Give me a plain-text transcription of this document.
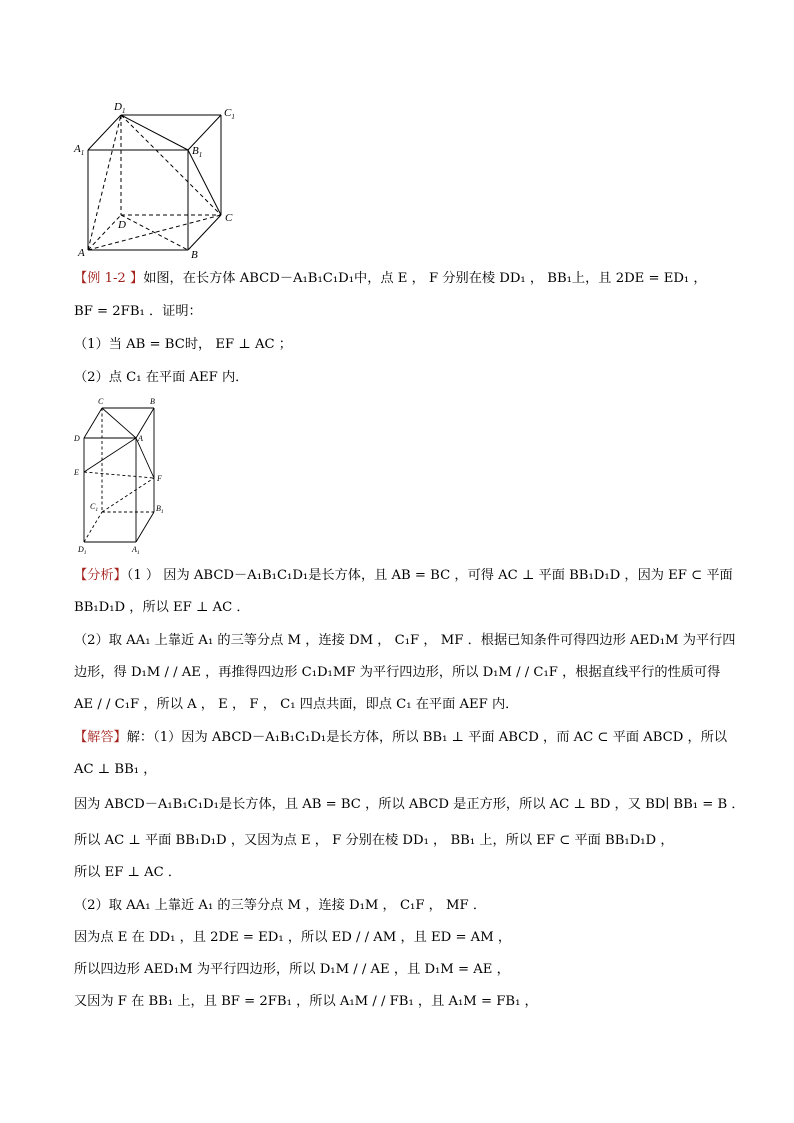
$D_1$	$C_1$
$A_1$	$B_1$
C
D
A	B
【例 1-2 】如图，在长方体 ABCD－A₁B₁C₁D₁中，点 E ， F 分别在棱 DD₁ ， BB₁上，且 2DE = ED₁ ，
BF = 2FB₁ ．证明：
（1）当 AB = BC时， EF ⊥ AC ；
（2）点 C₁ 在平面 AEF 内．
C	B
D	A
E
F
$C_1$	$B_1$
$D_1$	$A_1$
【分析】（1 ） 因为 ABCD－A₁B₁C₁D₁是长方体，且 AB = BC ，可得 AC ⊥ 平面 BB₁D₁D ，因为 EF ⊂ 平面
BB₁D₁D ，所以 EF ⊥ AC ．
（2）取 AA₁ 上靠近 A₁ 的三等分点 M ，连接 DM ， C₁F ， MF ．根据已知条件可得四边形 AED₁M 为平行四
边形，得 D₁M / / AE ，再推得四边形 C₁D₁MF 为平行四边形，所以 D₁M / / C₁F ，根据直线平行的性质可得
AE / / C₁F ，所以 A ， E ， F ， C₁ 四点共面，即点 C₁ 在平面 AEF 内．
【解答】解：（1）因为 ABCD－A₁B₁C₁D₁是长方体，所以 BB₁ ⊥ 平面 ABCD ，而 AC ⊂ 平面 ABCD ，所以
AC ⊥ BB₁ ，
因为 ABCD－A₁B₁C₁D₁是长方体，且 AB = BC ，所以 ABCD 是正方形，所以 AC ⊥ BD ，又 BD∣ BB₁ = B ．
所以 AC ⊥ 平面 BB₁D₁D ，又因为点 E ， F 分别在棱 DD₁ ， BB₁ 上，所以 EF ⊂ 平面 BB₁D₁D ，
所以 EF ⊥ AC ．
（2）取 AA₁ 上靠近 A₁ 的三等分点 M ，连接 D₁M ， C₁F ， MF ．
因为点 E 在 DD₁ ，且 2DE = ED₁ ，所以 ED / / AM ，且 ED = AM ，
所以四边形 AED₁M 为平行四边形，所以 D₁M / / AE ，且 D₁M = AE ，
又因为 F 在 BB₁ 上，且 BF = 2FB₁ ，所以 A₁M / / FB₁ ，且 A₁M = FB₁ ，
